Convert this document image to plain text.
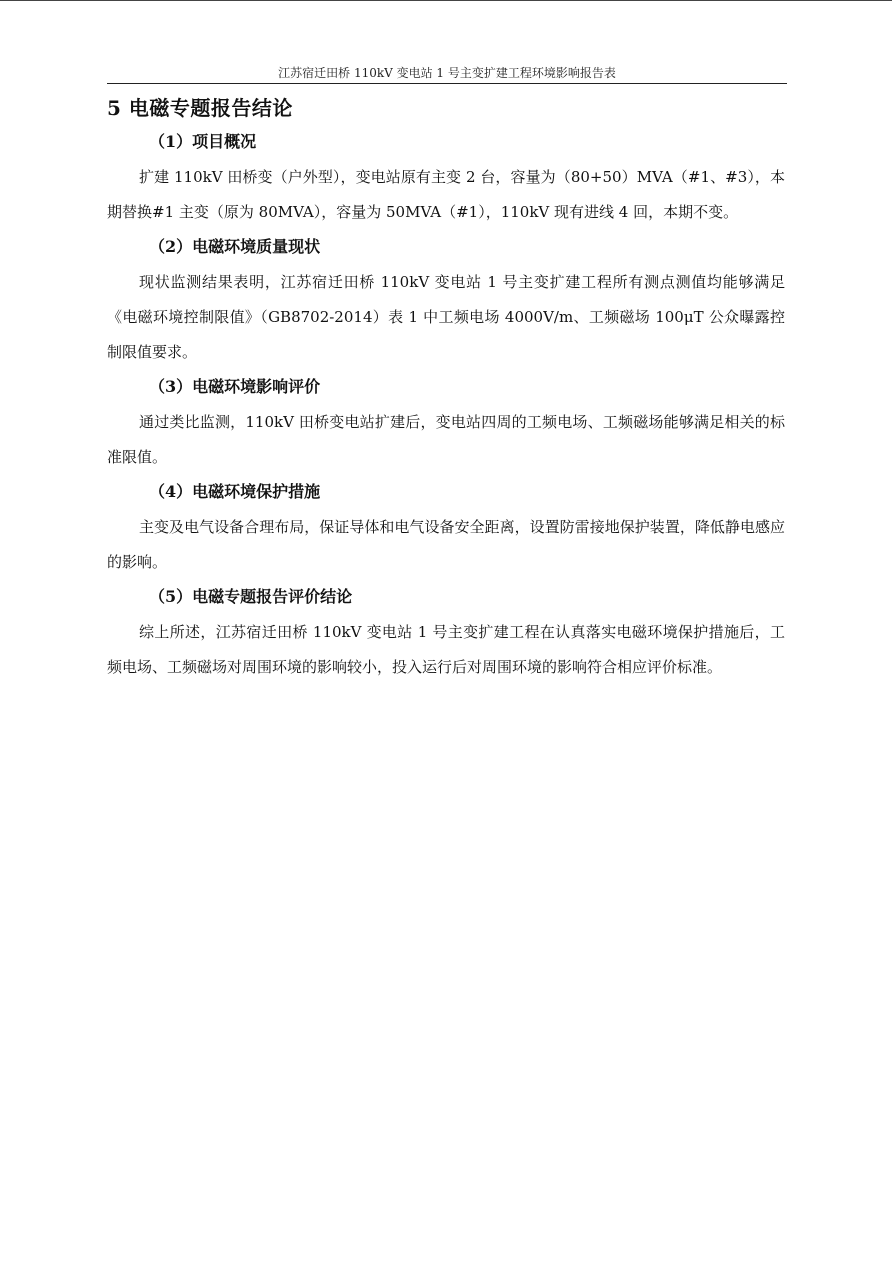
江苏宿迁田桥 110kV 变电站 1 号主变扩建工程环境影响报告表
5 电磁专题报告结论
（1）项目概况

扩建 110kV 田桥变（户外型），变电站原有主变 2 台，容量为（80+50）MVA（#1、#3），本期替换#1 主变（原为 80MVA），容量为 50MVA（#1），110kV 现有进线 4 回，本期不变。

（2）电磁环境质量现状

现状监测结果表明，江苏宿迁田桥 110kV 变电站 1 号主变扩建工程所有测点测值均能够满足《电磁环境控制限值》（GB8702-2014）表 1 中工频电场 4000V/m、工频磁场 100μT 公众曝露控制限值要求。

（3）电磁环境影响评价

通过类比监测，110kV 田桥变电站扩建后，变电站四周的工频电场、工频磁场能够满足相关的标准限值。

（4）电磁环境保护措施

主变及电气设备合理布局，保证导体和电气设备安全距离，设置防雷接地保护装置，降低静电感应的影响。

（5）电磁专题报告评价结论

综上所述，江苏宿迁田桥 110kV 变电站 1 号主变扩建工程在认真落实电磁环境保护措施后，工频电场、工频磁场对周围环境的影响较小，投入运行后对周围环境的影响符合相应评价标准。
